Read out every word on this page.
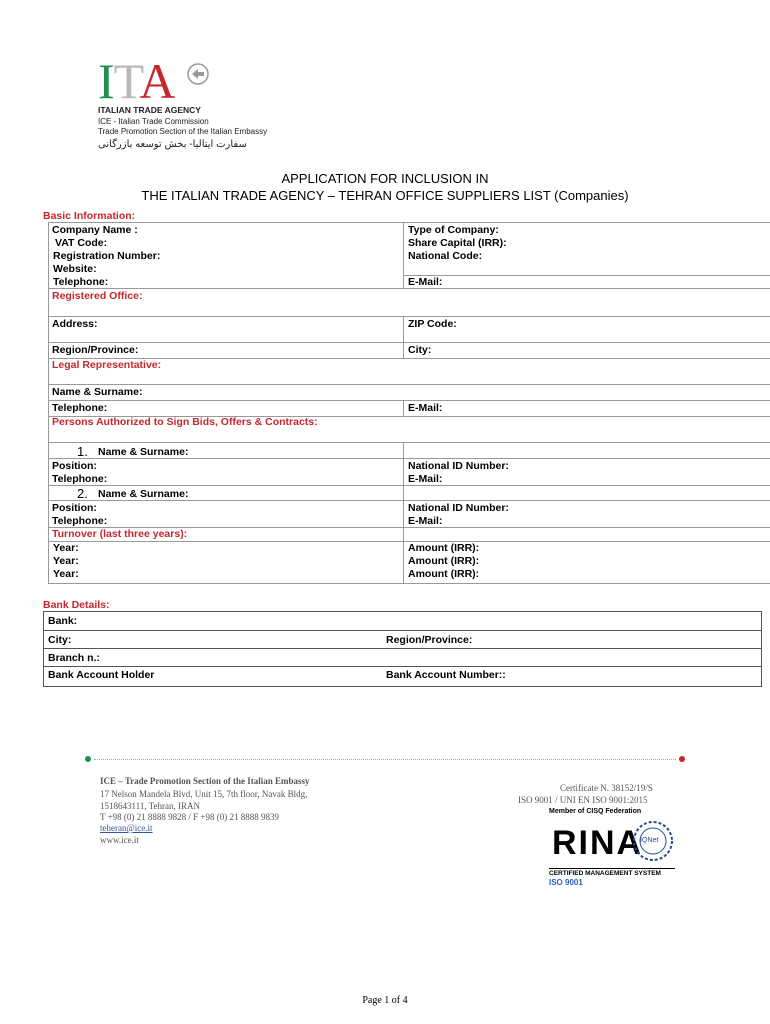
ITA
ITALIAN TRADE AGENCY
ICE - Italian Trade Commission
Trade Promotion Section of the Italian Embassy
سفارت ایتالیا- بخش توسعه بازرگانی
APPLICATION FOR INCLUSION IN
THE ITALIAN TRADE AGENCY – TEHRAN OFFICE SUPPLIERS LIST (Companies)
Basic Information:
Company Name :	Type of Company:
VAT Code:	Share Capital (IRR):
Registration Number:	National Code:
Website:
Telephone:	E-Mail:
Registered Office:
Address:	ZIP Code:
Region/Province:	City:
Legal Representative:
Name & Surname:
Telephone:	E-Mail:
Persons Authorized to Sign Bids, Offers & Contracts:
1. Name & Surname:
Position:	National ID Number:
Telephone:	E-Mail:
2. Name & Surname:
Position:	National ID Number:
Telephone:	E-Mail:
Turnover (last three years):
Year:	Amount (IRR):
Year:	Amount (IRR):
Year:	Amount (IRR):
Bank Details:
Bank:
City:	Region/Province:
Branch n.:
Bank Account Holder	Bank Account Number::
ICE – Trade Promotion Section of the Italian Embassy
17 Nelson Mandela Blvd, Unit 15, 7th floor, Navak Bldg,
1518643111, Tehran, IRAN
T +98 (0) 21 8888 9828 / F +98 (0) 21 8888 9839
teheran@ice.it
www.ice.it
Certificate N. 38152/19/S
ISO 9001 / UNI EN ISO 9001:2015
Member of CISQ Federation
RINA
IQNet
CERTIFIED MANAGEMENT SYSTEM
ISO 9001
Page 1 of 4
